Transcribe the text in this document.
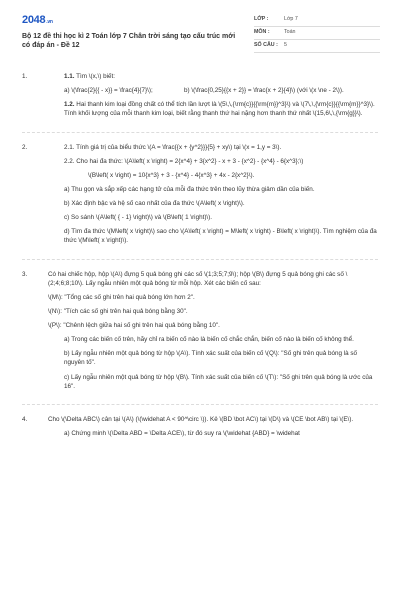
2048.vn
Bộ 12 đề thi học kì 2 Toán lớp 7 Chân trời sáng tạo cấu trúc mới có đáp án - Đề 12
LỚP :	Lớp 7
MÔN :	Toán
SỐ CÂU :	5
1.	1.1. Tìm \(x,\) biết:

a) \(\frac{2}{{ - x}} = \frac{4}{7}\);	b) \(\frac{0,25}{{x + 2}} = \frac{x + 2}{4}\) (với \(x \ne - 2\)).

1.2. Hai thanh kim loại đồng chất có thể tích lần lượt là \(5\,\,{\rm{c}}{{\rm{m}}^3}\) và \(7\,\,{\rm{c}}{{\rm{m}}^3}\). Tính khối lượng của mỗi thanh kim loại, biết rằng thanh thứ hai nặng hơn thanh thứ nhất \(15,6\,\,{\rm{g}}\).

2.	2.1. Tính giá trị của biểu thức \(A = \frac{{x + {y^2}}}{5} + xy\) tại \(x = 1,y = 3\).

2.2. Cho hai đa thức: \(A\left( x \right) = 2{x^4} + 3{x^2} - x + 3 - {x^2} - {x^4} - 6{x^3};\)

\(B\left( x \right) = 10{x^3} + 3 - {x^4} - 4{x^3} + 4x - 2{x^2}\).

a) Thu gọn và sắp xếp các hạng tử của mỗi đa thức trên theo lũy thừa giảm dần của biến.

b) Xác định bậc và hệ số cao nhất của đa thức \(A\left( x \right)\).

c) So sánh \(A\left( { - 1} \right)\) và \(B\left( 1 \right)\).

d) Tìm đa thức \(M\left( x \right)\) sao cho \(A\left( x \right) = M\left( x \right) - B\left( x \right)\). Tìm nghiệm của đa thức \(M\left( x \right)\).

3.	Có hai chiếc hộp, hộp \(A\) đựng 5 quả bóng ghi các số \(1;3;5;7;9\); hộp \(B\) đựng 5 quả bóng ghi các số \(2;4;6;8;10\). Lấy ngẫu nhiên một quả bóng từ mỗi hộp. Xét các biến cố sau:

\(M\): "Tổng các số ghi trên hai quả bóng lớn hơn 2".

\(N\): "Tích các số ghi trên hai quả bóng bằng 30".

\(P\): "Chênh lệch giữa hai số ghi trên hai quả bóng bằng 10".

a) Trong các biến cố trên, hãy chỉ ra biến cố nào là biến cố chắc chắn, biến cố nào là biến cố không thể.

b) Lấy ngẫu nhiên một quả bóng từ hộp \(A\). Tính xác suất của biến cố \(Q\): "Số ghi trên quả bóng là số nguyên tố".

c) Lấy ngẫu nhiên một quả bóng từ hộp \(B\). Tính xác suất của biến cố \(T\): "Số ghi trên quả bóng là ước của 16".

4.	Cho \(\Delta ABC\) cân tại \(A\) (\(\widehat A < 90^\circ \)). Kẻ \(BD \bot AC\) tại \(D\) và \(CE \bot AB\) tại \(E\).

a) Chứng minh \(\Delta ABD = \Delta ACE\), từ đó suy ra \(\widehat {ABD} = \widehat
